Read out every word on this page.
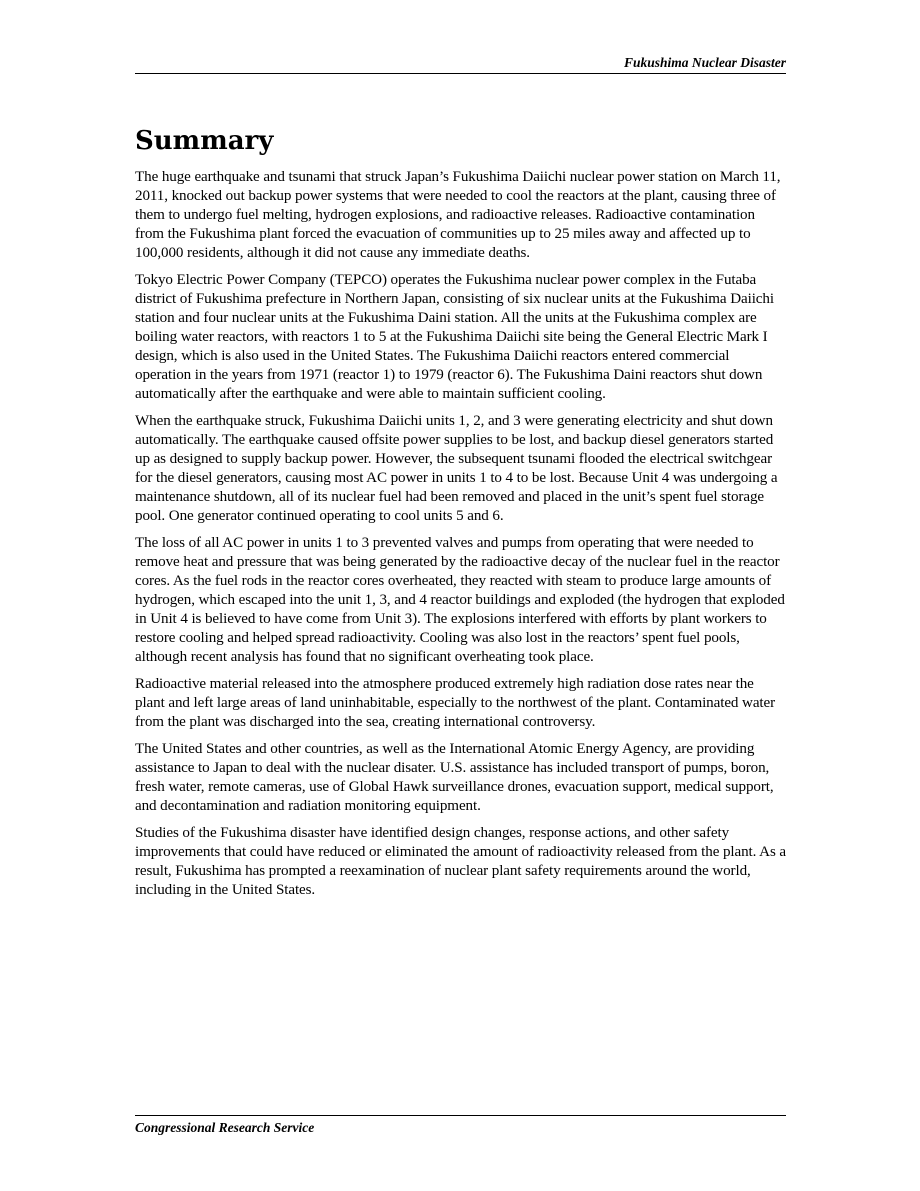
Fukushima Nuclear Disaster
Summary

The huge earthquake and tsunami that struck Japan’s Fukushima Daiichi nuclear power station on March 11, 2011, knocked out backup power systems that were needed to cool the reactors at the plant, causing three of them to undergo fuel melting, hydrogen explosions, and radioactive releases. Radioactive contamination from the Fukushima plant forced the evacuation of communities up to 25 miles away and affected up to 100,000 residents, although it did not cause any immediate deaths.

Tokyo Electric Power Company (TEPCO) operates the Fukushima nuclear power complex in the Futaba district of Fukushima prefecture in Northern Japan, consisting of six nuclear units at the Fukushima Daiichi station and four nuclear units at the Fukushima Daini station. All the units at the Fukushima complex are boiling water reactors, with reactors 1 to 5 at the Fukushima Daiichi site being the General Electric Mark I design, which is also used in the United States. The Fukushima Daiichi reactors entered commercial operation in the years from 1971 (reactor 1) to 1979 (reactor 6). The Fukushima Daini reactors shut down automatically after the earthquake and were able to maintain sufficient cooling.

When the earthquake struck, Fukushima Daiichi units 1, 2, and 3 were generating electricity and shut down automatically. The earthquake caused offsite power supplies to be lost, and backup diesel generators started up as designed to supply backup power. However, the subsequent tsunami flooded the electrical switchgear for the diesel generators, causing most AC power in units 1 to 4 to be lost. Because Unit 4 was undergoing a maintenance shutdown, all of its nuclear fuel had been removed and placed in the unit’s spent fuel storage pool. One generator continued operating to cool units 5 and 6.

The loss of all AC power in units 1 to 3 prevented valves and pumps from operating that were needed to remove heat and pressure that was being generated by the radioactive decay of the nuclear fuel in the reactor cores. As the fuel rods in the reactor cores overheated, they reacted with steam to produce large amounts of hydrogen, which escaped into the unit 1, 3, and 4 reactor buildings and exploded (the hydrogen that exploded in Unit 4 is believed to have come from Unit 3). The explosions interfered with efforts by plant workers to restore cooling and helped spread radioactivity. Cooling was also lost in the reactors’ spent fuel pools, although recent analysis has found that no significant overheating took place.

Radioactive material released into the atmosphere produced extremely high radiation dose rates near the plant and left large areas of land uninhabitable, especially to the northwest of the plant. Contaminated water from the plant was discharged into the sea, creating international controversy.

The United States and other countries, as well as the International Atomic Energy Agency, are providing assistance to Japan to deal with the nuclear disater. U.S. assistance has included transport of pumps, boron, fresh water, remote cameras, use of Global Hawk surveillance drones, evacuation support, medical support, and decontamination and radiation monitoring equipment.

Studies of the Fukushima disaster have identified design changes, response actions, and other safety improvements that could have reduced or eliminated the amount of radioactivity released from the plant. As a result, Fukushima has prompted a reexamination of nuclear plant safety requirements around the world, including in the United States.

Congressional Research Service
